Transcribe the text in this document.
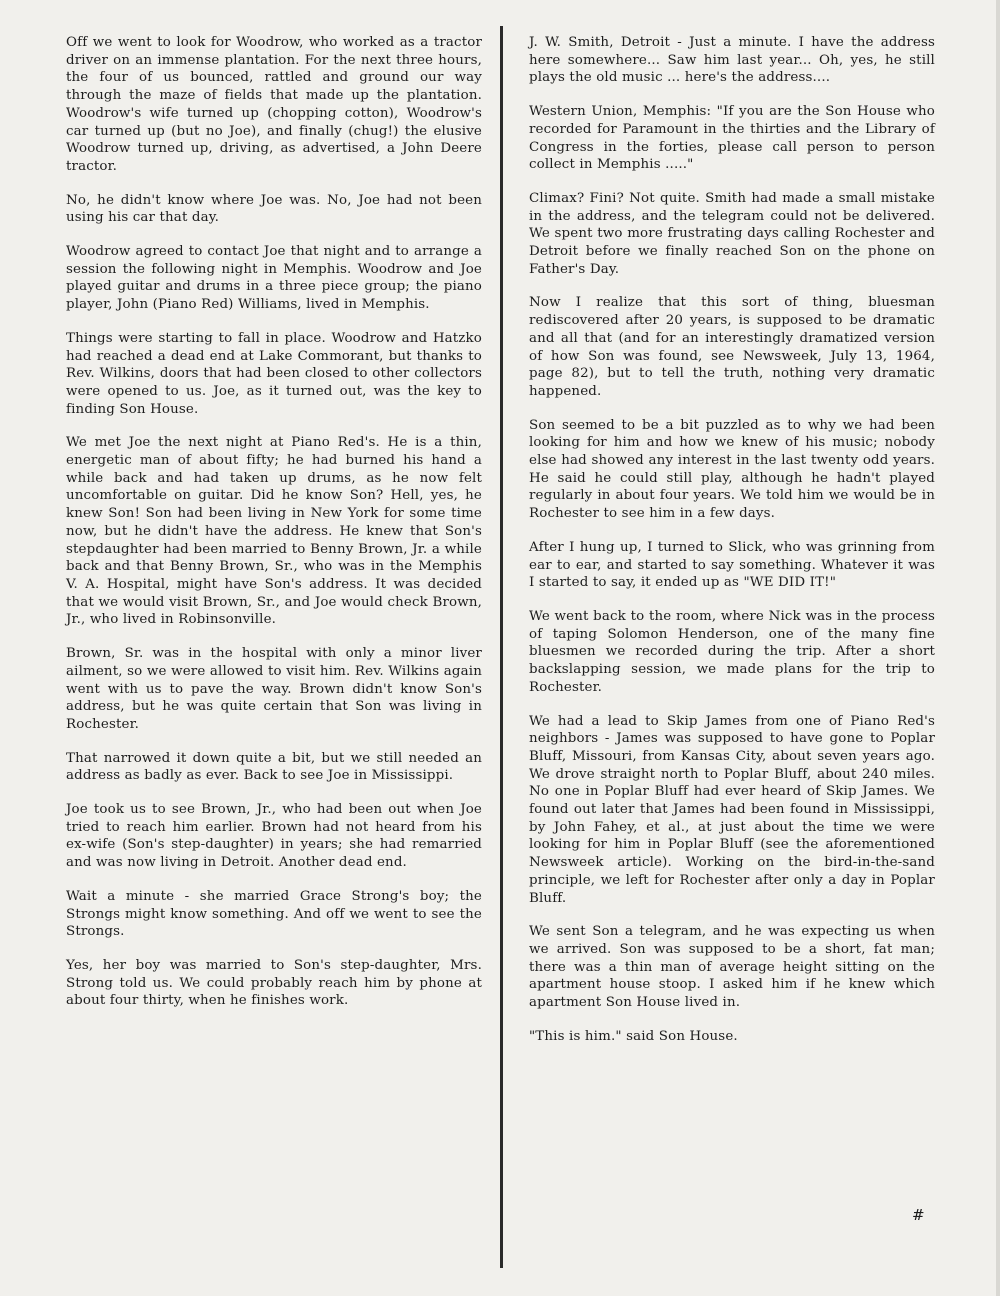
Off we went to look for Woodrow, who worked as a tractor driver on an immense plantation. For the next three hours, the four of us bounced, rattled and ground our way through the maze of fields that made up the plantation. Woodrow's wife turned up (chopping cotton), Woodrow's car turned up (but no Joe), and finally (chug!) the elusive Woodrow turned up, driving, as advertised, a John Deere tractor.

No, he didn't know where Joe was. No, Joe had not been using his car that day.

Woodrow agreed to contact Joe that night and to arrange a session the following night in Memphis. Woodrow and Joe played guitar and drums in a three piece group; the piano player, John (Piano Red) Williams, lived in Memphis.

Things were starting to fall in place. Woodrow and Hatzko had reached a dead end at Lake Commorant, but thanks to Rev. Wilkins, doors that had been closed to other collectors were opened to us. Joe, as it turned out, was the key to finding Son House.

We met Joe the next night at Piano Red's. He is a thin, energetic man of about fifty; he had burned his hand a while back and had taken up drums, as he now felt uncomfortable on guitar. Did he know Son? Hell, yes, he knew Son! Son had been living in New York for some time now, but he didn't have the address. He knew that Son's stepdaughter had been married to Benny Brown, Jr. a while back and that Benny Brown, Sr., who was in the Memphis V. A. Hospital, might have Son's address. It was decided that we would visit Brown, Sr., and Joe would check Brown, Jr., who lived in Robinsonville.

Brown, Sr. was in the hospital with only a minor liver ailment, so we were allowed to visit him. Rev. Wilkins again went with us to pave the way. Brown didn't know Son's address, but he was quite certain that Son was living in Rochester.

That narrowed it down quite a bit, but we still needed an address as badly as ever. Back to see Joe in Mississippi.

Joe took us to see Brown, Jr., who had been out when Joe tried to reach him earlier. Brown had not heard from his ex-wife (Son's step-daughter) in years; she had remarried and was now living in Detroit. Another dead end.

Wait a minute - she married Grace Strong's boy; the Strongs might know something. And off we went to see the Strongs.

Yes, her boy was married to Son's step-daughter, Mrs. Strong told us. We could probably reach him by phone at about four thirty, when he finishes work.

J. W. Smith, Detroit - Just a minute. I have the address here somewhere... Saw him last year... Oh, yes, he still plays the old music ... here's the address....

Western Union, Memphis: "If you are the Son House who recorded for Paramount in the thirties and the Library of Congress in the forties, please call person to person collect in Memphis ....."

Climax? Fini? Not quite. Smith had made a small mistake in the address, and the telegram could not be delivered. We spent two more frustrating days calling Rochester and Detroit before we finally reached Son on the phone on Father's Day.

Now I realize that this sort of thing, bluesman rediscovered after 20 years, is supposed to be dramatic and all that (and for an interestingly dramatized version of how Son was found, see Newsweek, July 13, 1964, page 82), but to tell the truth, nothing very dramatic happened.

Son seemed to be a bit puzzled as to why we had been looking for him and how we knew of his music; nobody else had showed any interest in the last twenty odd years. He said he could still play, although he hadn't played regularly in about four years. We told him we would be in Rochester to see him in a few days.

After I hung up, I turned to Slick, who was grinning from ear to ear, and started to say something. Whatever it was I started to say, it ended up as "WE DID IT!"

We went back to the room, where Nick was in the process of taping Solomon Henderson, one of the many fine bluesmen we recorded during the trip. After a short backslapping session, we made plans for the trip to Rochester.

We had a lead to Skip James from one of Piano Red's neighbors - James was supposed to have gone to Poplar Bluff, Missouri, from Kansas City, about seven years ago. We drove straight north to Poplar Bluff, about 240 miles. No one in Poplar Bluff had ever heard of Skip James. We found out later that James had been found in Mississippi, by John Fahey, et al., at just about the time we were looking for him in Poplar Bluff (see the aforementioned Newsweek article). Working on the bird-in-the-sand principle, we left for Rochester after only a day in Poplar Bluff.

We sent Son a telegram, and he was expecting us when we arrived. Son was supposed to be a short, fat man; there was a thin man of average height sitting on the apartment house stoop. I asked him if he knew which apartment Son House lived in.

"This is him." said Son House.

#
